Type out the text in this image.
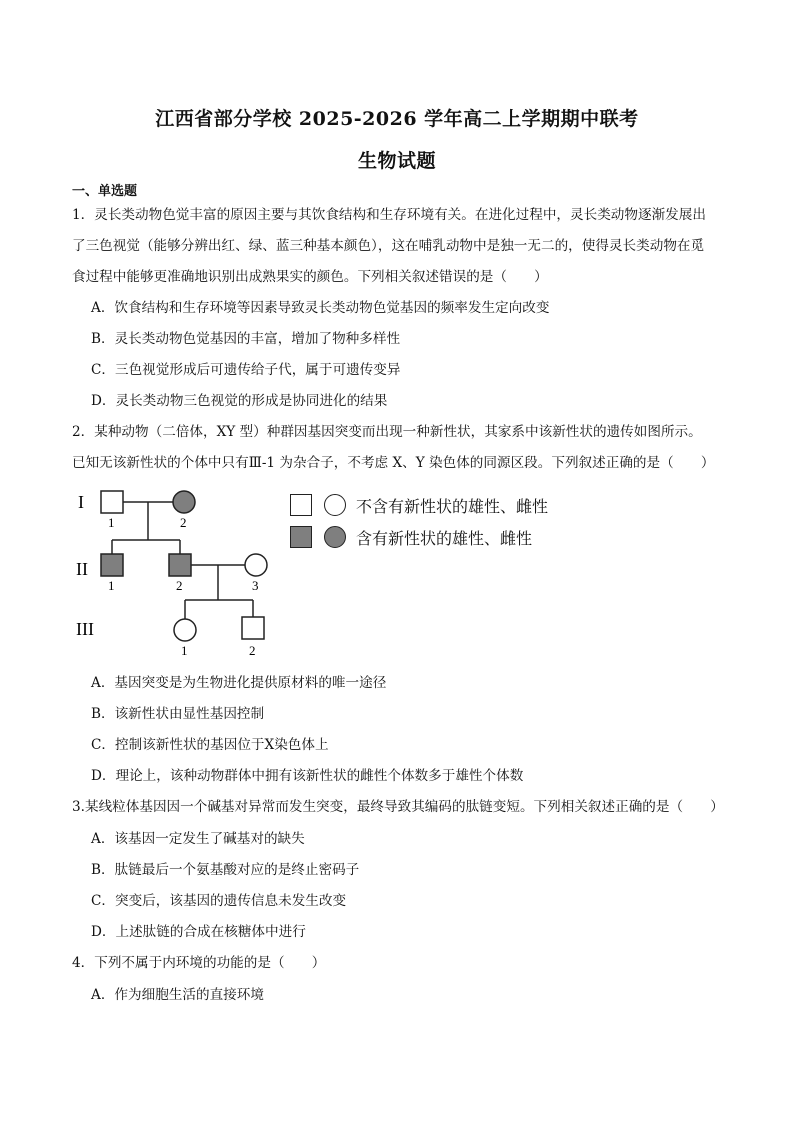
江西省部分学校 2025-2026 学年高二上学期期中联考
生物试题
一、单选题
1．灵长类动物色觉丰富的原因主要与其饮食结构和生存环境有关。在进化过程中，灵长类动物逐渐发展出
了三色视觉（能够分辨出红、绿、蓝三种基本颜色），这在哺乳动物中是独一无二的，使得灵长类动物在觅
食过程中能够更准确地识别出成熟果实的颜色。下列相关叙述错误的是（　　）
A．饮食结构和生存环境等因素导致灵长类动物色觉基因的频率发生定向改变
B．灵长类动物色觉基因的丰富，增加了物种多样性
C．三色视觉形成后可遗传给子代，属于可遗传变异
D．灵长类动物三色视觉的形成是协同进化的结果
2．某种动物（二倍体，XY 型）种群因基因突变而出现一种新性状，其家系中该新性状的遗传如图所示。
已知无该新性状的个体中只有Ⅲ-1 为杂合子，不考虑 X、Y 染色体的同源区段。下列叙述正确的是（　　）
I
II
III
1	2
1	2	3
1	2
不含有新性状的雄性、雌性
含有新性状的雄性、雌性
A．基因突变是为生物进化提供原材料的唯一途径
B．该新性状由显性基因控制
C．控制该新性状的基因位于X染色体上
D．理论上，该种动物群体中拥有该新性状的雌性个体数多于雄性个体数
3.某线粒体基因因一个碱基对异常而发生突变，最终导致其编码的肽链变短。下列相关叙述正确的是（　　）
A．该基因一定发生了碱基对的缺失
B．肽链最后一个氨基酸对应的是终止密码子
C．突变后，该基因的遗传信息未发生改变
D．上述肽链的合成在核糖体中进行
4．下列不属于内环境的功能的是（　　）
A．作为细胞生活的直接环境
